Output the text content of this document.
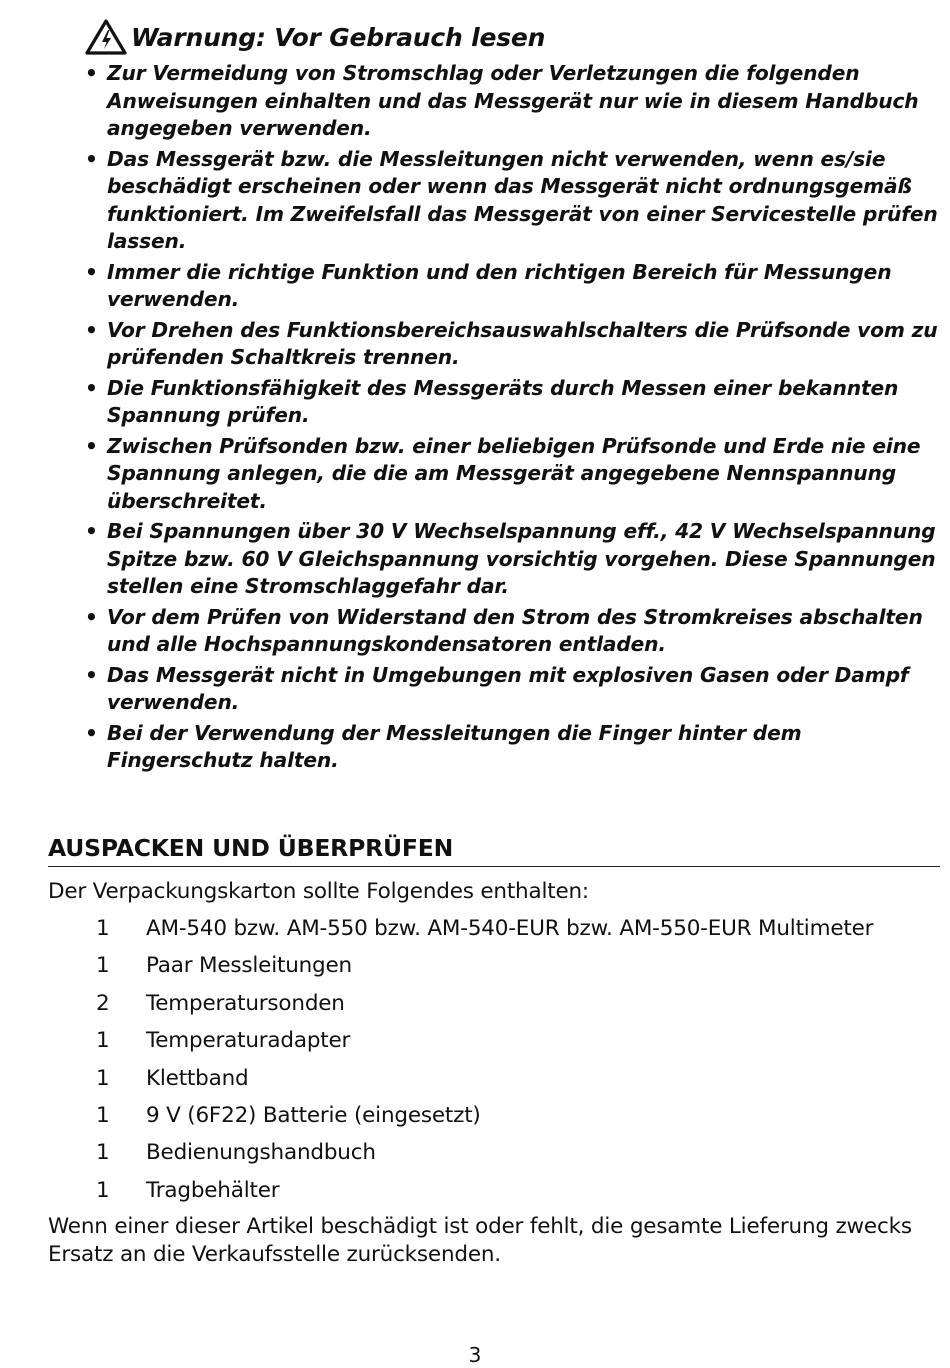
Warnung: Vor Gebrauch lesen
• Zur Vermeidung von Stromschlag oder Verletzungen die folgenden Anweisungen einhalten und das Messgerät nur wie in diesem Handbuch angegeben verwenden.
• Das Messgerät bzw. die Messleitungen nicht verwenden, wenn es/sie beschädigt erscheinen oder wenn das Messgerät nicht ordnungsgemäß funktioniert. Im Zweifelsfall das Messgerät von einer Servicestelle prüfen lassen.
• Immer die richtige Funktion und den richtigen Bereich für Messungen verwenden.
• Vor Drehen des Funktionsbereichsauswahlschalters die Prüfsonde vom zu prüfenden Schaltkreis trennen.
• Die Funktionsfähigkeit des Messgeräts durch Messen einer bekannten Spannung prüfen.
• Zwischen Prüfsonden bzw. einer beliebigen Prüfsonde und Erde nie eine Spannung anlegen, die die am Messgerät angegebene Nennspannung überschreitet.
• Bei Spannungen über 30 V Wechselspannung eff., 42 V Wechselspannung Spitze bzw. 60 V Gleichspannung vorsichtig vorgehen. Diese Spannungen stellen eine Stromschlaggefahr dar.
• Vor dem Prüfen von Widerstand den Strom des Stromkreises abschalten und alle Hochspannungskondensatoren entladen.
• Das Messgerät nicht in Umgebungen mit explosiven Gasen oder Dampf verwenden.
• Bei der Verwendung der Messleitungen die Finger hinter dem Fingerschutz halten.
AUSPACKEN UND ÜBERPRÜFEN
Der Verpackungskarton sollte Folgendes enthalten:
1	AM-540 bzw. AM-550 bzw. AM-540-EUR bzw. AM-550-EUR Multimeter
1	Paar Messleitungen
2	Temperatursonden
1	Temperaturadapter
1	Klettband
1	9 V (6F22) Batterie (eingesetzt)
1	Bedienungshandbuch
1	Tragbehälter
Wenn einer dieser Artikel beschädigt ist oder fehlt, die gesamte Lieferung zwecks Ersatz an die Verkaufsstelle zurücksenden.
3
